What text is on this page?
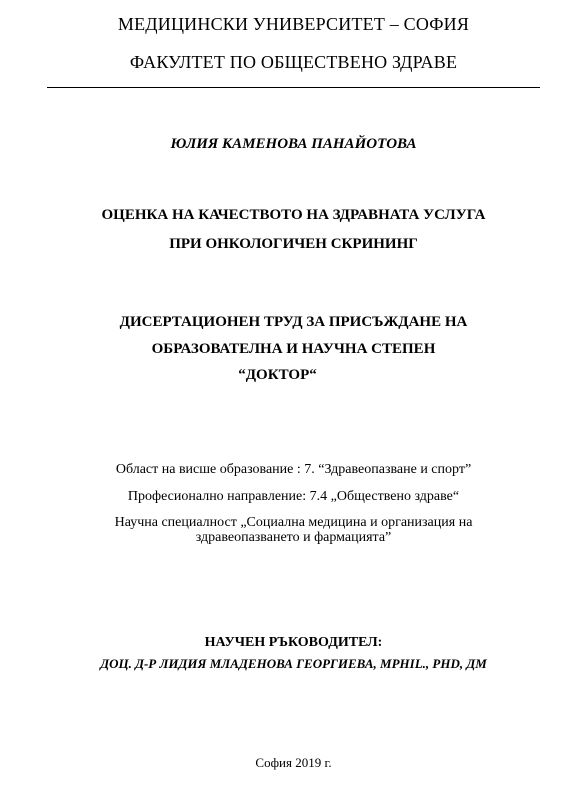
МЕДИЦИНСКИ УНИВЕРСИТЕТ – СОФИЯ
ФАКУЛТЕТ ПО ОБЩЕСТВЕНО ЗДРАВЕ
ЮЛИЯ КАМЕНОВА ПАНАЙОТОВА
ОЦЕНКА НА КАЧЕСТВОТО НА ЗДРАВНАТА УСЛУГА
ПРИ ОНКОЛОГИЧЕН СКРИНИНГ
ДИСЕРТАЦИОНЕН ТРУД ЗА ПРИСЪЖДАНЕ НА
ОБРАЗОВАТЕЛНА И НАУЧНА СТЕПЕН
“ДОКТОР“
Област на висше образование : 7. “Здравеопазване и спорт”
Професионално направление: 7.4 „Обществено здраве“
Научна специалност „Социална медицина и организация на
здравеопазването и фармацията”
НАУЧЕН РЪКОВОДИТЕЛ:
ДОЦ. Д-Р ЛИДИЯ МЛАДЕНОВА ГЕОРГИЕВА, MPHIL., PHD, ДМ
София 2019 г.
